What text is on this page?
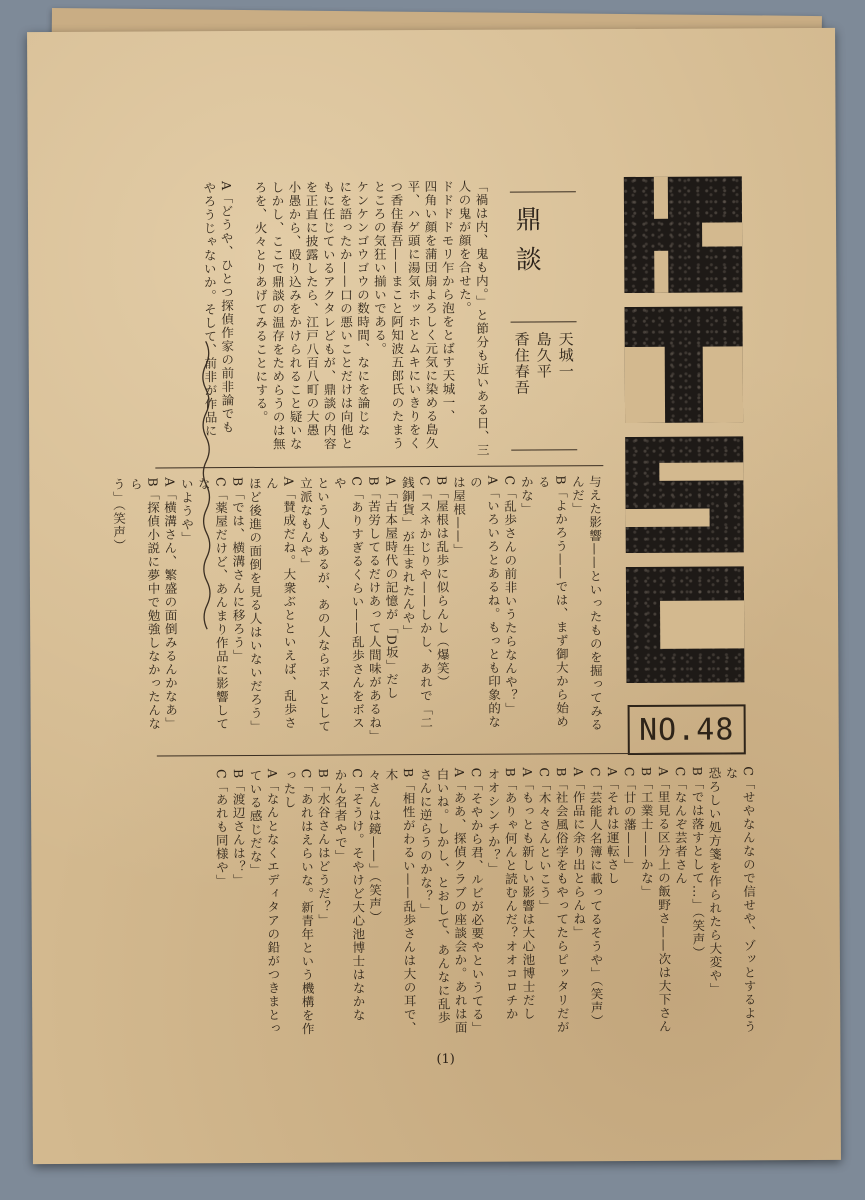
NO.48
鼎談

天城一

島久平

香住春吾

「禍は内、鬼も内。」と節分も近いある日、三

人の鬼が顔を合せた。

ドドドドモリ乍から泡をとばす天城一、

四角い顔を蒲団扇よろしく元気に染める島久

平、ハゲ頭に湯気ホッホとムキにいきりをく

つ香住春吾——まこと阿知波五郎氏のたまう

ところの気狂い揃いである。

ケンケンゴウゴウの数時間、なにを論じな

にを語ったか——口の悪いことだけは向他と

もに任じているアクタレどもが、鼎談の内容

を正直に披露したら、江戸八百八町の大愚

小愚から、殴り込みをかけられること疑いな

しかし、ここで鼎談の温存をためらうのは無

ろを、火々とりあげてみることにする。

A「どうや、ひとつ探偵作家の前非論でも

やろうじゃないか。そして、前非が作品に

与えた影響——といったものを掘ってみる

んだ」

B「よかろう——では、まず御大から始める

かな」

C「乱歩さんの前非いうたらなんや？」

A「いろいろとあるね。もっとも印象的なの

は屋根——」

B「屋根は乱歩に似らんし（爆笑）

C「スネかじりや——しかし、あれで「二

銭銅貨」が生まれたんや」

A「古本屋時代の記憶が「D坂」だし

B「苦労してるだけあって人間味があるね」

C「ありすぎるくらい——乱歩さんをボスや

という人もあるが、あの人ならボスとして

立派なもんや」

A「賛成だね。大衆ぶとといえば、乱歩さん

ほど後進の面倒を見る人はいないだろう」

B「では、横溝さんに移ろう」

C「薬屋だけど、あんまり作品に影響してな

いようや」

A「横溝さん、繁盛の面倒みるんかなあ」

B「探偵小説に夢中で勉強しなかったんなら

う」（笑声）

C「せやなんなので信せや、ゾッとするような

恐ろしい処方箋を作られたら大変や」

B「では落すとして…」（笑声）

C「なんぞ芸者さん

A「里見る区分上の飯野さ——次は大下さん

B「工業士——かな」

C「廿の藩——」

A「それは運転さし

C「芸能人名簿に載ってるそうや」（笑声）

A「作品に余り出とらんね」

B「社会風俗学をもやってたらピッタリだが

C「木々さんといこう」

A「もっとも新しい影響は大心池博士だし

B「ありゃ何んと読むんだ？オオコロチか

オオシンチか？」

C「そやから君、ルビが必要やというてる」

A「ああ、探偵クラブの座談会か。あれは面

白いね。しかし、とおして、あんなに乱歩

さんに逆らうのかな？」

B「相性がわるい——乱歩さんは大の耳で、木

々さんは鏡——」（笑声）

C「そうけ。そやけど大心池博士はなかな

かん名者やで」

B「水谷さんはどうだ？」

C「あれはえらいな。新青年という機構を作

ったし

A「なんとなくエディタアの鉛がつきまとっ

ている感じだな」

B「渡辺さんは？」

C「あれも同様や」

(1)
